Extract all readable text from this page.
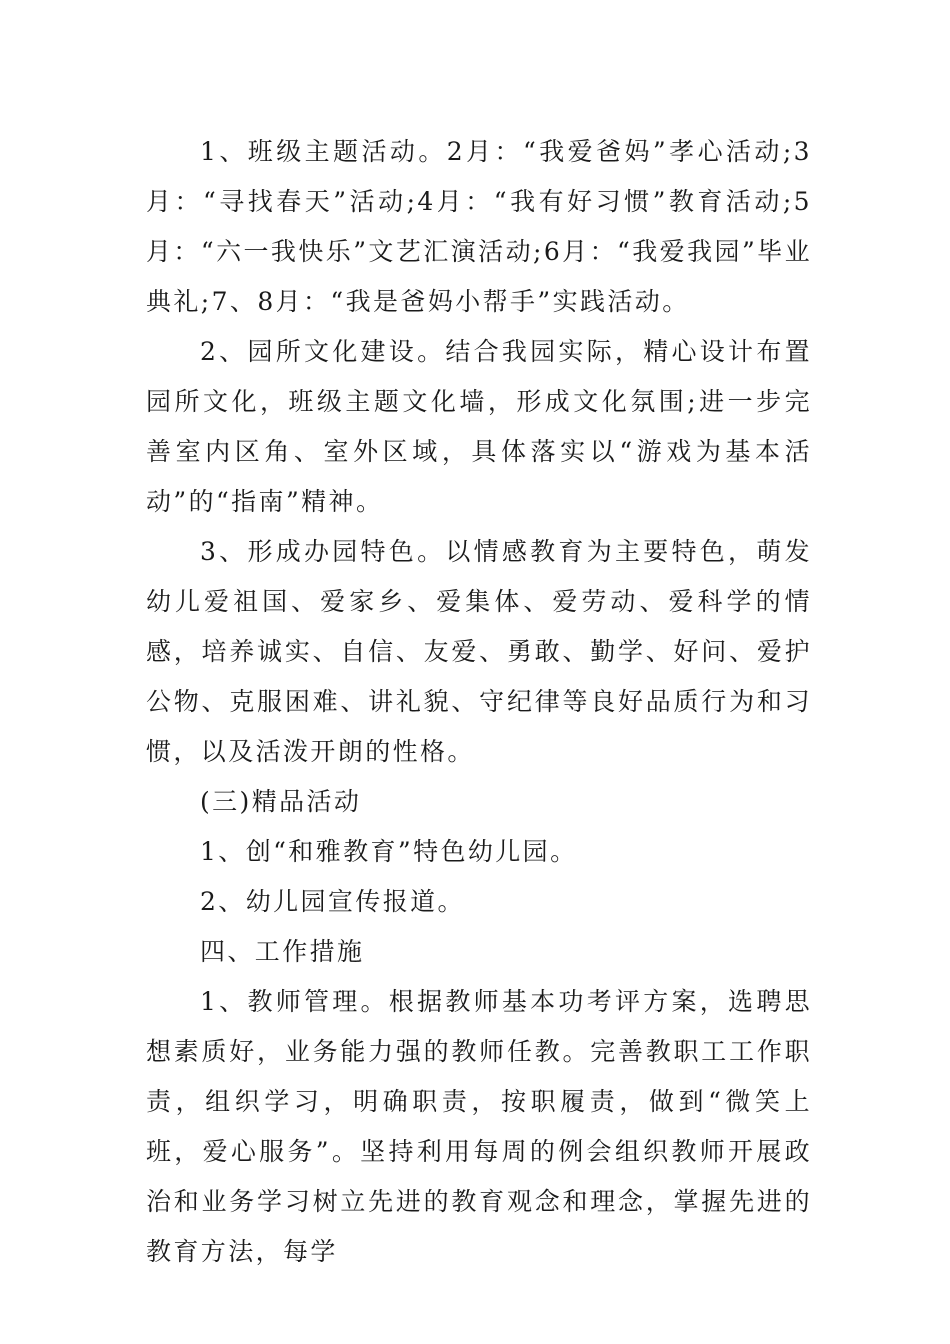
1、班级主题活动。2月：“我爱爸妈”孝心活动;3月：“寻找春天”活动;4月：“我有好习惯”教育活动;5月：“六一我快乐”文艺汇演活动;6月：“我爱我园”毕业典礼;7、8月：“我是爸妈小帮手”实践活动。

2、园所文化建设。结合我园实际，精心设计布置园所文化，班级主题文化墙，形成文化氛围;进一步完善室内区角、室外区域，具体落实以“游戏为基本活动”的“指南”精神。

3、形成办园特色。以情感教育为主要特色，萌发幼儿爱祖国、爱家乡、爱集体、爱劳动、爱科学的情感，培养诚实、自信、友爱、勇敢、勤学、好问、爱护公物、克服困难、讲礼貌、守纪律等良好品质行为和习惯，以及活泼开朗的性格。

(三)精品活动

1、创“和雅教育”特色幼儿园。

2、幼儿园宣传报道。

四、工作措施

1、教师管理。根据教师基本功考评方案，选聘思想素质好，业务能力强的教师任教。完善教职工工作职责，组织学习，明确职责，按职履责，做到“微笑上班，爱心服务”。坚持利用每周的例会组织教师开展政治和业务学习树立先进的教育观念和理念，掌握先进的教育方法，每学
